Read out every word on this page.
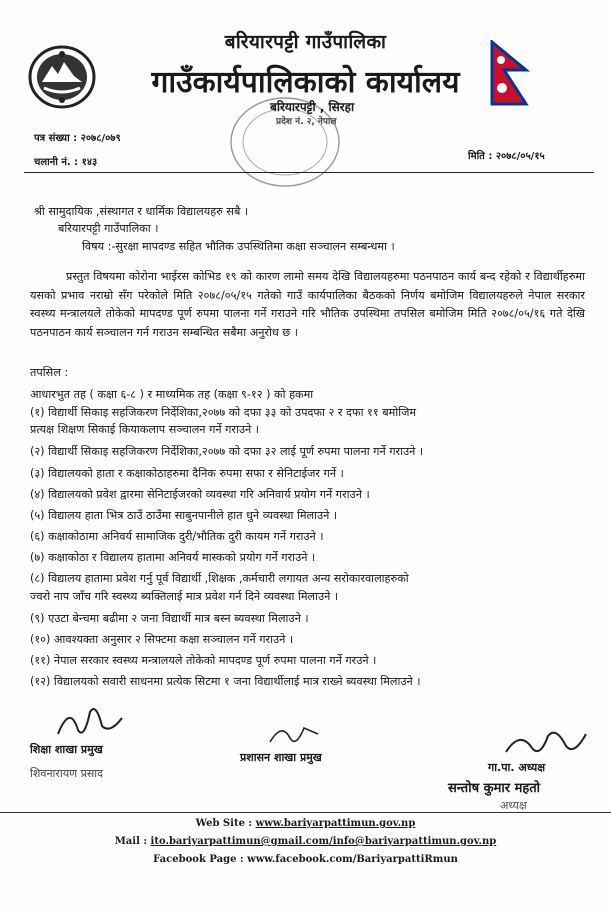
बरियारपट्टी गाउँपालिका
गाउँकार्यपालिकाको कार्यालय
बरियारपट्टी , सिरहा
प्रदेश नं. २, नेपाल
पत्र संख्या : २०७८/०७९
चलानी नं. : १४३
मिति : २०७८/०५/१५
श्री सामुदायिक ,संस्थागत र धार्मिक विद्यालयहरु सबै ।
बरियारपट्टी गाउँपालिका ।
विषय :-सुरक्षा मापदण्ड सहित भौतिक उपस्थितिमा कक्षा सञ्चालन सम्बन्धमा ।
प्रस्तुत विषयमा कोरोना भाईरस कोभिड १९ को कारण लामो समय देखि विद्यालयहरुमा पठनपाठन कार्य बन्द रहेको र विद्यार्थीहरुमा यसको प्रभाव नराम्रो सँग परेकोले मिति २०७८/०५/१५ गतेको गाउँ कार्यपालिका बैठकको निर्णय बमोजिम विद्यालयहरुले नेपाल सरकार स्वस्थ्य मन्त्रालयले तोकेको मापदण्ड पूर्ण रुपमा पालना गर्ने गराउने गरि भौतिक उपस्थिमा तपसिल बमोजिम मिति २०७८/०५/१६ गते देखि पठनपाठन कार्य सञ्चालन गर्न गराउन सम्बन्धित सबैमा अनुरोध छ ।
तपसिल :
आधारभुत तह ( कक्षा ६-८ ) र माध्यमिक तह (कक्षा ९-१२ ) को हकमा
(१) विद्यार्थी सिकाइ सहजिकरण निर्देशिका,२०७७ को दफा ३३ को उपदफा २ र दफा ११ बमोजिम
प्रत्यक्ष शिक्षण सिकाई कियाकलाप सञ्चालन गर्ने गराउने ।
(२) विद्यार्थी सिकाइ सहजिकरण निर्देशिका,२०७७ को दफा ३२ लाई पूर्ण रुपमा पालना गर्ने गराउने ।
(३) विद्यालयको हाता र कक्षाकोठाहरुमा दैनिक रुपमा सफा र सेनिटाईजर गर्ने ।
(४) विद्यालयको प्रवेश द्वारमा सेनिटाईजरको व्यवस्था गरि अनिवार्य प्रयोग गर्ने गराउने ।
(५) विद्यालय हाता भित्र ठाउँ ठाउँमा साबुनपानीले हात धुने व्यवस्था मिलाउने ।
(६) कक्षाकोठामा अनिवर्य सामाजिक दुरी/भौतिक दुरी कायम गर्ने गराउने ।
(७) कक्षाकोठा र विद्यालय हातामा अनिवर्य मास्कको प्रयोग गर्ने गराउने ।
(८) विद्यालय हातामा प्रवेश गर्नु पूर्व विद्यार्थी ,शिक्षक ,कर्मचारी लगायत अन्य सरोकारवालाहरुको
ज्वरो नाप जाँच गरि स्वस्थ्य ब्यक्तिलाई मात्र प्रवेश गर्न दिने व्यवस्था मिलाउने ।
(९) एउटा बेन्चमा बढीमा २ जना विद्यार्थी मात्र बस्न ब्यवस्था मिलाउने ।
(१०) आवश्यक्ता अनुसार २ सिफ्टमा कक्षा सञ्चालन गर्ने गराउने ।
(११) नेपाल सरकार स्वस्थ्य मन्त्रालयले तोकेको मापदण्ड पूर्ण रुपमा पालना गर्ने गरउने ।
(१२) विद्यालयको सवारी साधनमा प्रत्येक सिटमा १ जना विद्यार्थीलाई मात्र राख्ने ब्यवस्था मिलाउने ।
शिक्षा शाखा प्रमुख
शिवनारायण प्रसाद
प्रशासन शाखा प्रमुख
गा.पा. अध्यक्ष
सन्तोष कुमार महतो
अध्यक्ष
Web Site : www.bariyarpattimun.gov.np
Mail : ito.bariyarpattimun@gmail.com/info@bariyarpattimun.gov.np
Facebook Page : www.facebook.com/BariyarpattiRmun
